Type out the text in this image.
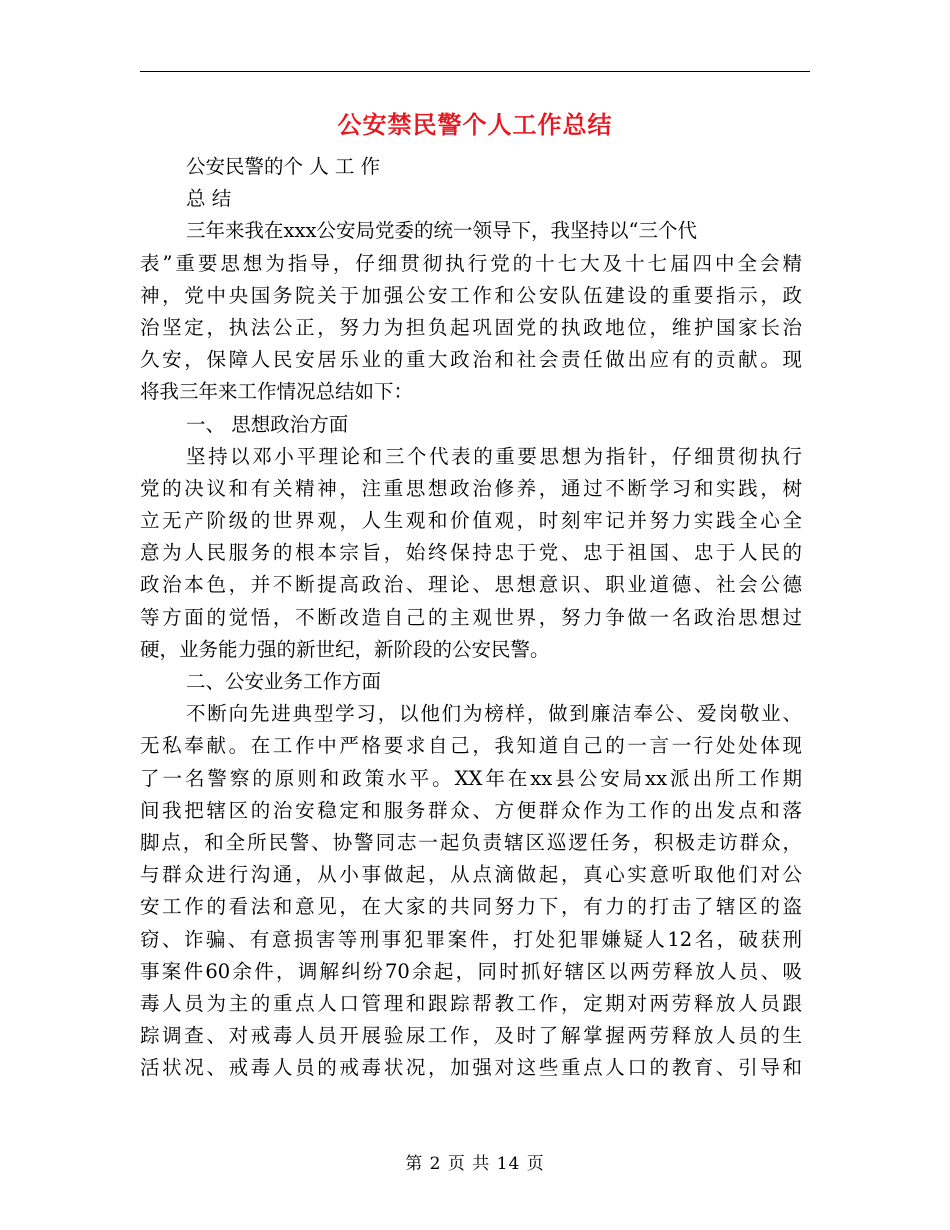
公安禁民警个人工作总结

公安民警的个 人 工 作

总 结

三年来我在xxx公安局党委的统一领导下，我坚持以“三个代

表”重要思想为指导，仔细贯彻执行党的十七大及十七届四中全会精

神，党中央国务院关于加强公安工作和公安队伍建设的重要指示，政

治坚定，执法公正，努力为担负起巩固党的执政地位，维护国家长治

久安，保障人民安居乐业的重大政治和社会责任做出应有的贡献。现

将我三年来工作情况总结如下：

一、 思想政治方面

坚持以邓小平理论和三个代表的重要思想为指针，仔细贯彻执行

党的决议和有关精神，注重思想政治修养，通过不断学习和实践，树

立无产阶级的世界观，人生观和价值观，时刻牢记并努力实践全心全

意为人民服务的根本宗旨，始终保持忠于党、忠于祖国、忠于人民的

政治本色，并不断提高政治、理论、思想意识、职业道德、社会公德

等方面的觉悟，不断改造自己的主观世界，努力争做一名政治思想过

硬，业务能力强的新世纪，新阶段的公安民警。

二、公安业务工作方面

不断向先进典型学习，以他们为榜样，做到廉洁奉公、爱岗敬业、

无私奉献。在工作中严格要求自己，我知道自己的一言一行处处体现

了一名警察的原则和政策水平。XX年在xx县公安局xx派出所工作期

间我把辖区的治安稳定和服务群众、方便群众作为工作的出发点和落

脚点，和全所民警、协警同志一起负责辖区巡逻任务，积极走访群众，

与群众进行沟通，从小事做起，从点滴做起，真心实意听取他们对公

安工作的看法和意见，在大家的共同努力下，有力的打击了辖区的盗

窃、诈骗、有意损害等刑事犯罪案件，打处犯罪嫌疑人12名，破获刑

事案件60余件，调解纠纷70余起，同时抓好辖区以两劳释放人员、吸

毒人员为主的重点人口管理和跟踪帮教工作，定期对两劳释放人员跟

踪调查、对戒毒人员开展验尿工作，及时了解掌握两劳释放人员的生

活状况、戒毒人员的戒毒状况，加强对这些重点人口的教育、引导和

第 2 页 共 14 页
